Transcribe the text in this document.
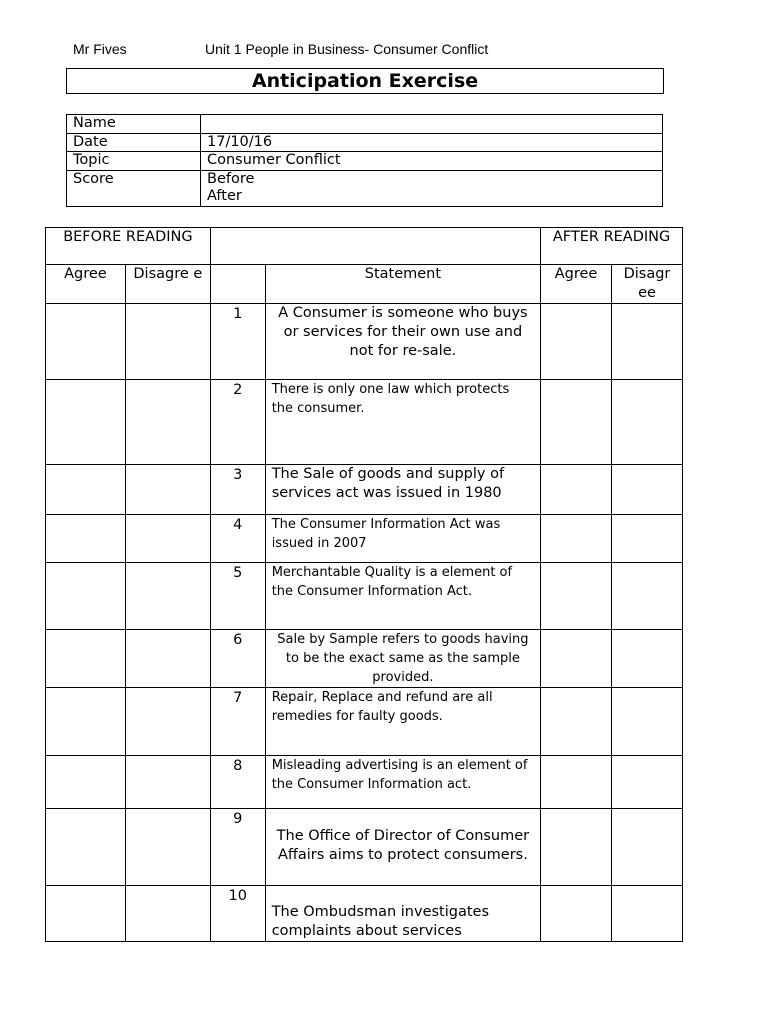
Mr Fives	Unit 1 People in Business- Consumer Conflict
Anticipation Exercise
Name	
Date	17/10/16
Topic	Consumer Conflict
Score	Before
After
BEFORE READING				AFTER READING	
Agree	Disagre e		Statement	Agree	Disagr ee
		1	A Consumer is someone who buys or services for their own use and not for re-sale.		
		2	There is only one law which protects the consumer.		
		3	The Sale of goods and supply of services act was issued in 1980		
		4	The Consumer Information Act was issued in 2007		
		5	Merchantable Quality is a element of the Consumer Information Act.		
		6	Sale by Sample refers to goods having to be the exact same as the sample provided.		
		7	Repair, Replace and refund are all remedies for faulty goods.		
		8	Misleading advertising is an element of the Consumer Information act.		
		9	The Office of Director of Consumer Affairs aims to protect consumers.		
		10	The Ombudsman investigates complaints about services		
